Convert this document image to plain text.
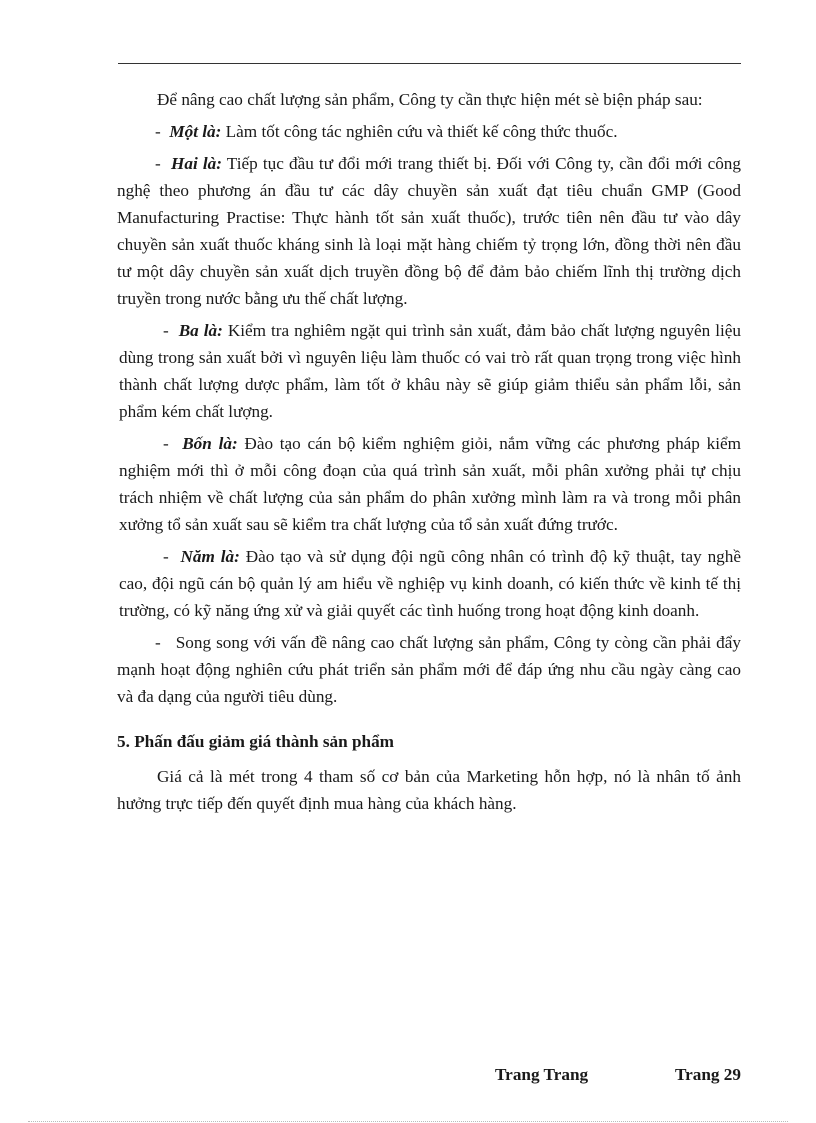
Để nâng cao chất lượng sản phẩm, Công ty cần thực hiện mét sè biện pháp sau:

- Một là: Làm tốt công tác nghiên cứu và thiết kế công thức thuốc.

- Hai là: Tiếp tục đầu tư đổi mới trang thiết bị. Đối với Công ty, cần đổi mới công nghệ theo phương án đầu tư các dây chuyền sản xuất đạt tiêu chuẩn GMP (Good Manufacturing Practise: Thực hành tốt sản xuất thuốc), trước tiên nên đầu tư vào dây chuyền sản xuất thuốc kháng sinh là loại mặt hàng chiếm tỷ trọng lớn, đồng thời nên đầu tư một dây chuyền sản xuất dịch truyền đồng bộ để đảm bảo chiếm lĩnh thị trường dịch truyền trong nước bằng ưu thế chất lượng.

- Ba là: Kiểm tra nghiêm ngặt qui trình sản xuất, đảm bảo chất lượng nguyên liệu dùng trong sản xuất bởi vì nguyên liệu làm thuốc có vai trò rất quan trọng trong việc hình thành chất lượng dược phẩm, làm tốt ở khâu này sẽ giúp giảm thiểu sản phẩm lỗi, sản phẩm kém chất lượng.

- Bốn là: Đào tạo cán bộ kiểm nghiệm giỏi, nắm vững các phương pháp kiểm nghiệm mới thì ở mỗi công đoạn của quá trình sản xuất, mỗi phân xưởng phải tự chịu trách nhiệm về chất lượng của sản phẩm do phân xưởng mình làm ra và trong mỗi phân xưởng tổ sản xuất sau sẽ kiểm tra chất lượng của tổ sản xuất đứng trước.

- Năm là: Đào tạo và sử dụng đội ngũ công nhân có trình độ kỹ thuật, tay nghề cao, đội ngũ cán bộ quản lý am hiểu về nghiệp vụ kinh doanh, có kiến thức về kinh tế thị trường, có kỹ năng ứng xử và giải quyết các tình huống trong hoạt động kinh doanh.

- Song song với vấn đề nâng cao chất lượng sản phẩm, Công ty còng cần phải đẩy mạnh hoạt động nghiên cứu phát triển sản phẩm mới để đáp ứng nhu cầu ngày càng cao và đa dạng của người tiêu dùng.

5. Phấn đấu giảm giá thành sản phẩm

Giá cả là mét trong 4 tham số cơ bản của Marketing hỗn hợp, nó là nhân tố ảnh hưởng trực tiếp đến quyết định mua hàng của khách hàng.

Trang Trang	Trang 29
